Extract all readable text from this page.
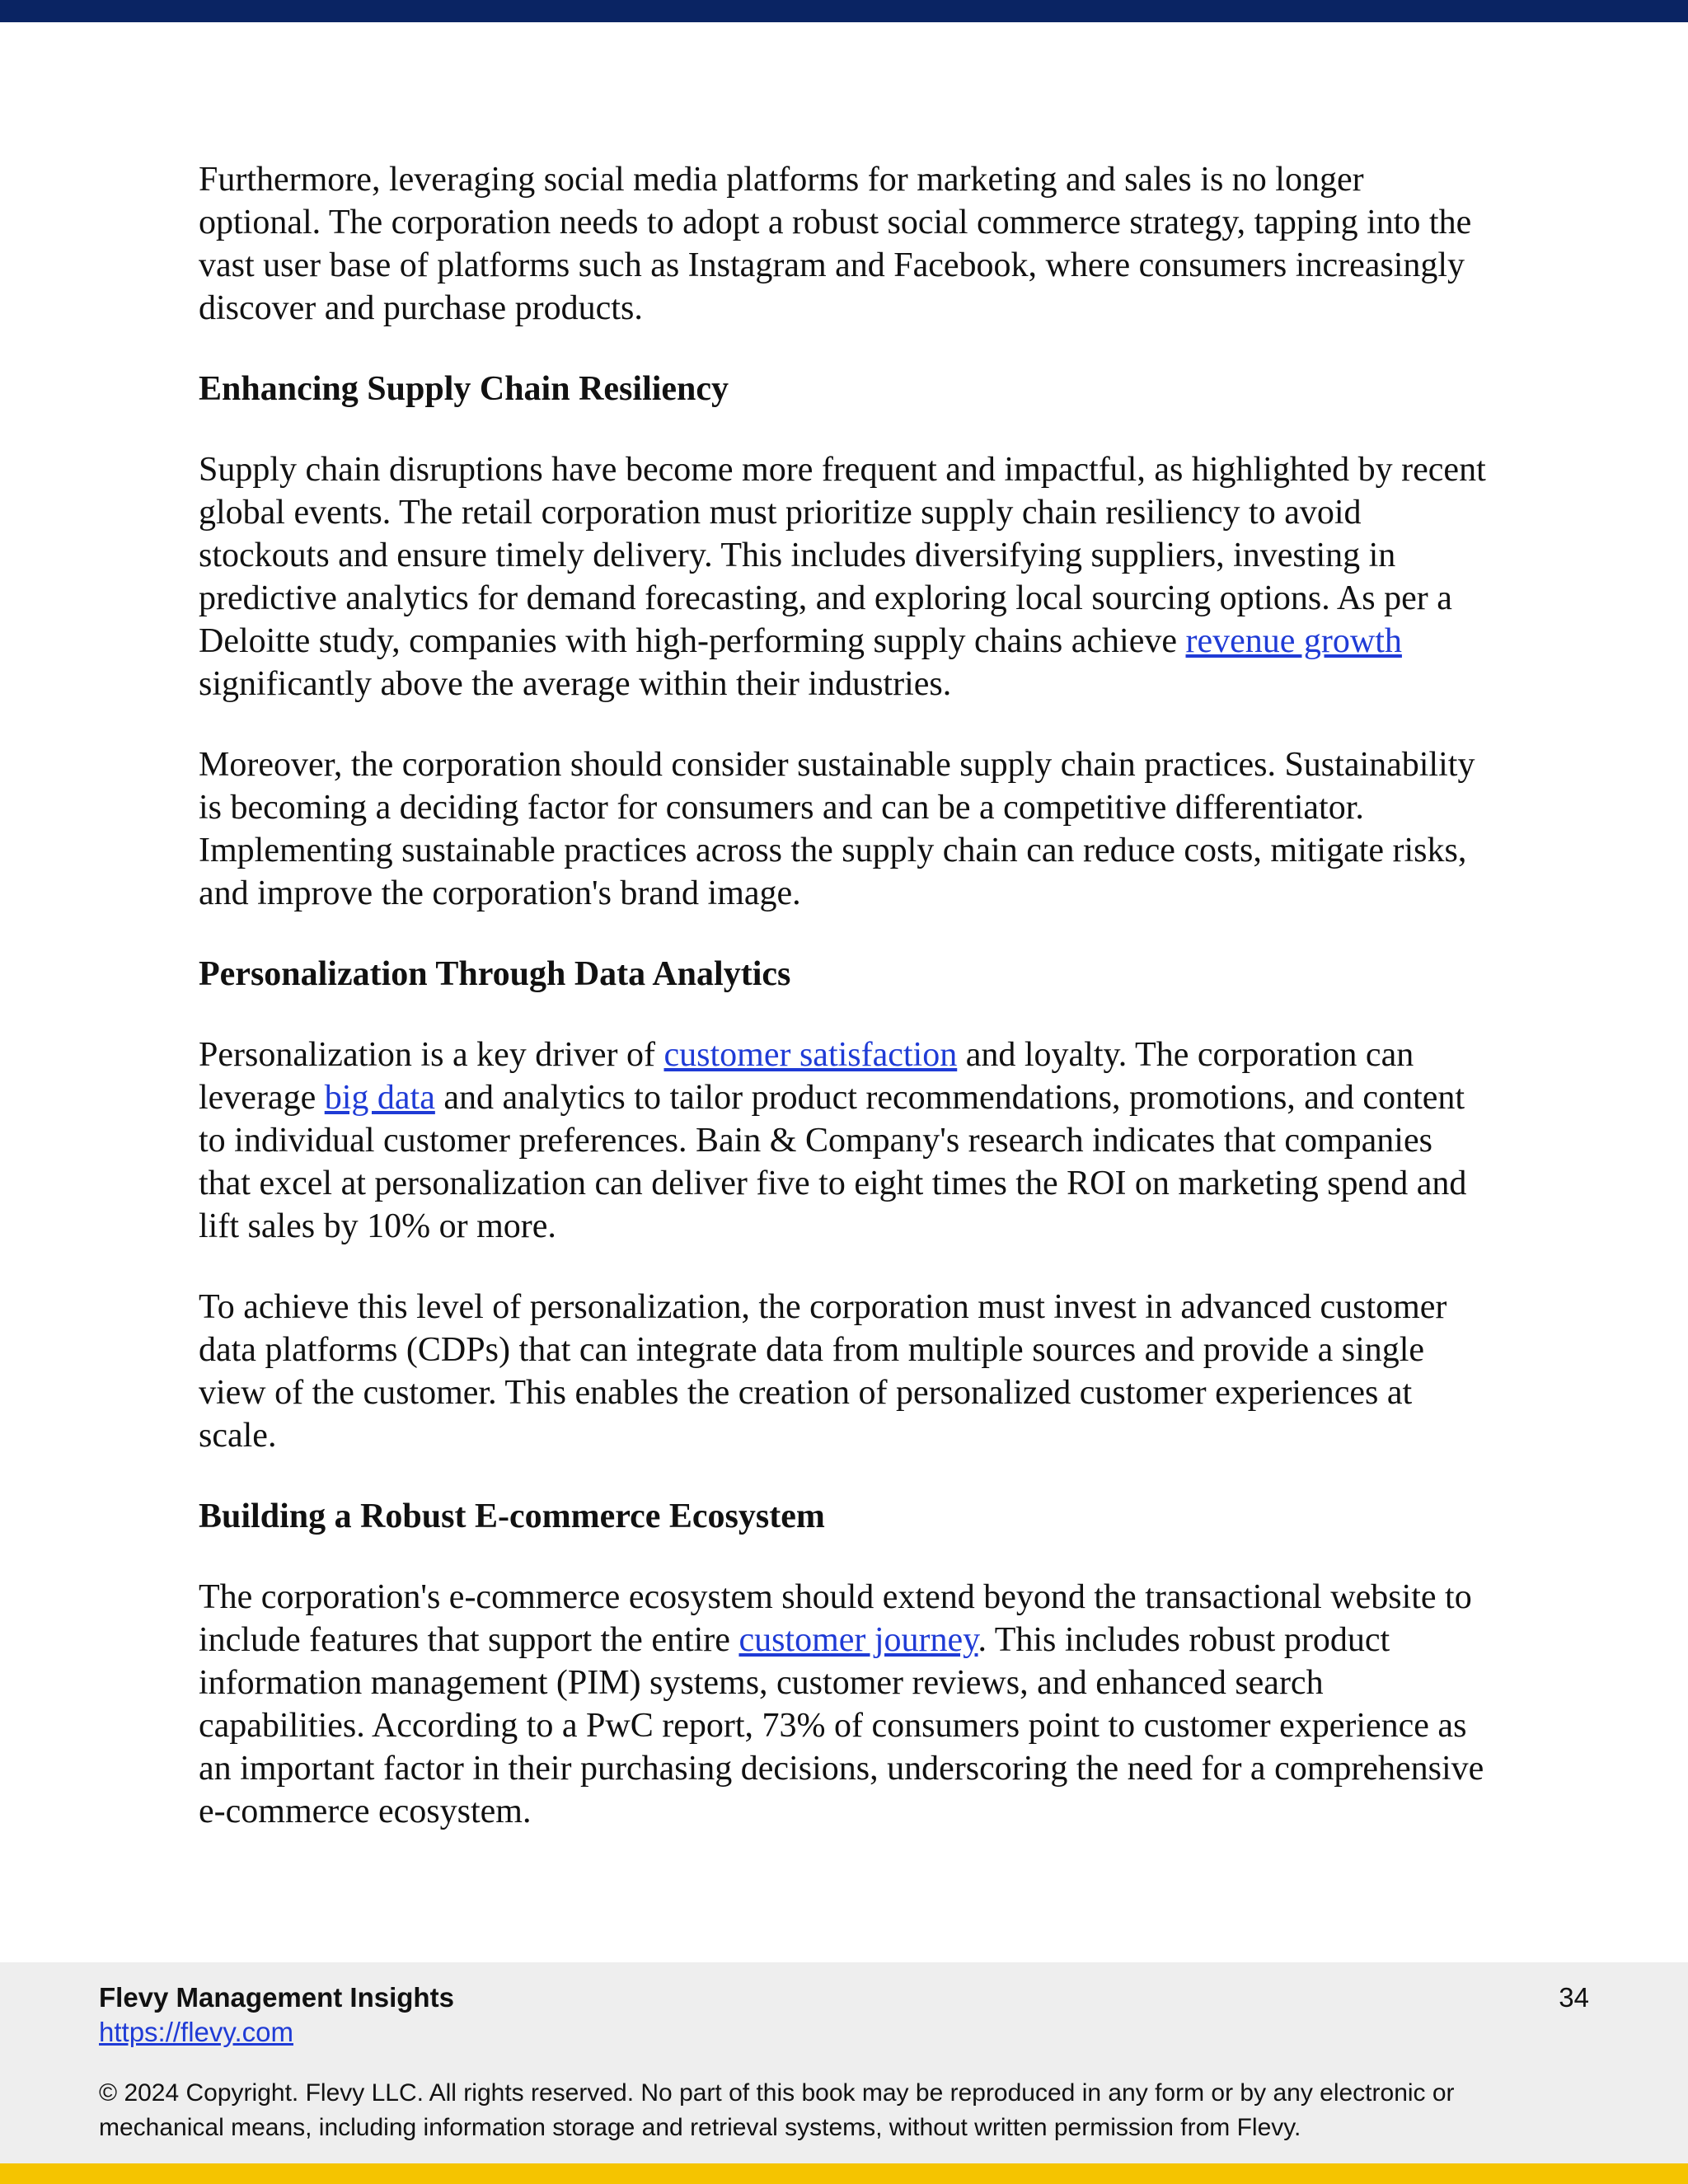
Furthermore, leveraging social media platforms for marketing and sales is no longer optional. The corporation needs to adopt a robust social commerce strategy, tapping into the vast user base of platforms such as Instagram and Facebook, where consumers increasingly discover and purchase products.

Enhancing Supply Chain Resiliency

Supply chain disruptions have become more frequent and impactful, as highlighted by recent global events. The retail corporation must prioritize supply chain resiliency to avoid stockouts and ensure timely delivery. This includes diversifying suppliers, investing in predictive analytics for demand forecasting, and exploring local sourcing options. As per a Deloitte study, companies with high-performing supply chains achieve revenue growth significantly above the average within their industries.

Moreover, the corporation should consider sustainable supply chain practices. Sustainability is becoming a deciding factor for consumers and can be a competitive differentiator. Implementing sustainable practices across the supply chain can reduce costs, mitigate risks, and improve the corporation's brand image.

Personalization Through Data Analytics

Personalization is a key driver of customer satisfaction and loyalty. The corporation can leverage big data and analytics to tailor product recommendations, promotions, and content to individual customer preferences. Bain & Company's research indicates that companies that excel at personalization can deliver five to eight times the ROI on marketing spend and lift sales by 10% or more.

To achieve this level of personalization, the corporation must invest in advanced customer data platforms (CDPs) that can integrate data from multiple sources and provide a single view of the customer. This enables the creation of personalized customer experiences at scale.

Building a Robust E-commerce Ecosystem

The corporation's e-commerce ecosystem should extend beyond the transactional website to include features that support the entire customer journey. This includes robust product information management (PIM) systems, customer reviews, and enhanced search capabilities. According to a PwC report, 73% of consumers point to customer experience as an important factor in their purchasing decisions, underscoring the need for a comprehensive e-commerce ecosystem.

Flevy Management Insights
https://flevy.com
34
© 2024 Copyright. Flevy LLC. All rights reserved. No part of this book may be reproduced in any form or by any electronic or mechanical means, including information storage and retrieval systems, without written permission from Flevy.
